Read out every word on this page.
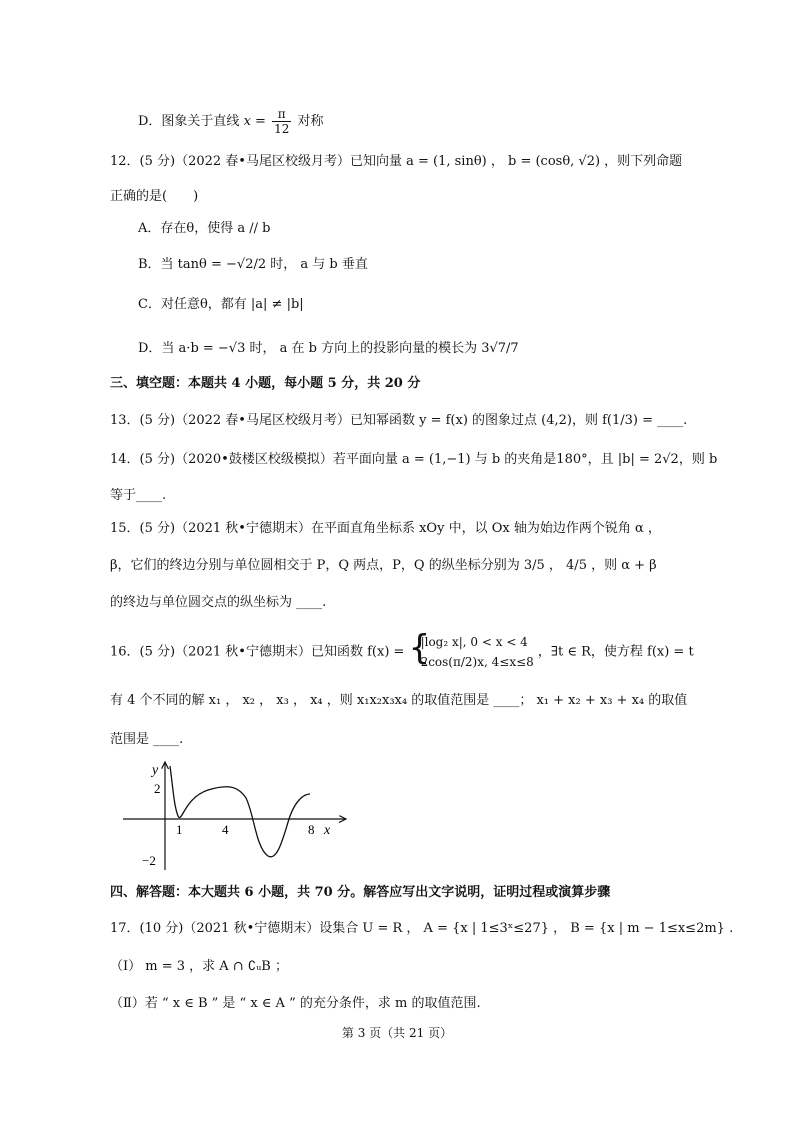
D．图象关于直线 $x = \frac{\pi}{12}$ 对称
12．(5 分)（2022 春•马尾区校级月考）已知向量 a = (1, sinθ) ， b = (cosθ, √2) ，则下列命题
正确的是(　　)
A．存在θ，使得 a // b
B．当 tanθ = −√2/2 时， a 与 b 垂直
C．对任意θ，都有 |a| ≠ |b|
D．当 a·b = −√3 时， a 在 b 方向上的投影向量的模长为 3√7/7
三、填空题：本题共 4 小题，每小题 5 分，共 20 分
13．(5 分)（2022 春•马尾区校级月考）已知幂函数 y = f(x) 的图象过点 (4,2)，则 f(1/3) = ____.
14．(5 分)（2020•鼓楼区校级模拟）若平面向量 a = (1,−1) 与 b 的夹角是180°，且 |b| = 2√2，则 b
等于____.
15．(5 分)（2021 秋•宁德期末）在平面直角坐标系 xOy 中，以 Ox 轴为始边作两个锐角 α ，
β，它们的终边分别与单位圆相交于 P，Q 两点，P，Q 的纵坐标分别为 3/5 ， 4/5 ，则 α + β
的终边与单位圆交点的纵坐标为 ____.
16．(5 分)（2021 秋•宁德期末）已知函数 f(x) = {
|log₂ x|, 0 < x < 4
2cos(π/2)x, 4≤x≤8
，∃t ∈ R，使方程 f(x) = t
有 4 个不同的解 x₁ ， x₂ ， x₃ ， x₄ ，则 x₁x₂x₃x₄ 的取值范围是 ____； x₁ + x₂ + x₃ + x₄ 的取值
范围是 ____.
y
2
−2
1	4	8 x
四、解答题：本大题共 6 小题，共 70 分。解答应写出文字说明，证明过程或演算步骤
17．(10 分)（2021 秋•宁德期末）设集合 U = R ， A = {x | 1≤3ˣ≤27} ， B = {x | m − 1≤x≤2m} .
（Ⅰ） m = 3 ，求 A ∩ ∁ᵤB ；
（Ⅱ）若 “ x ∈ B ” 是 “ x ∈ A ” 的充分条件，求 m 的取值范围.
第 3 页（共 21 页）
